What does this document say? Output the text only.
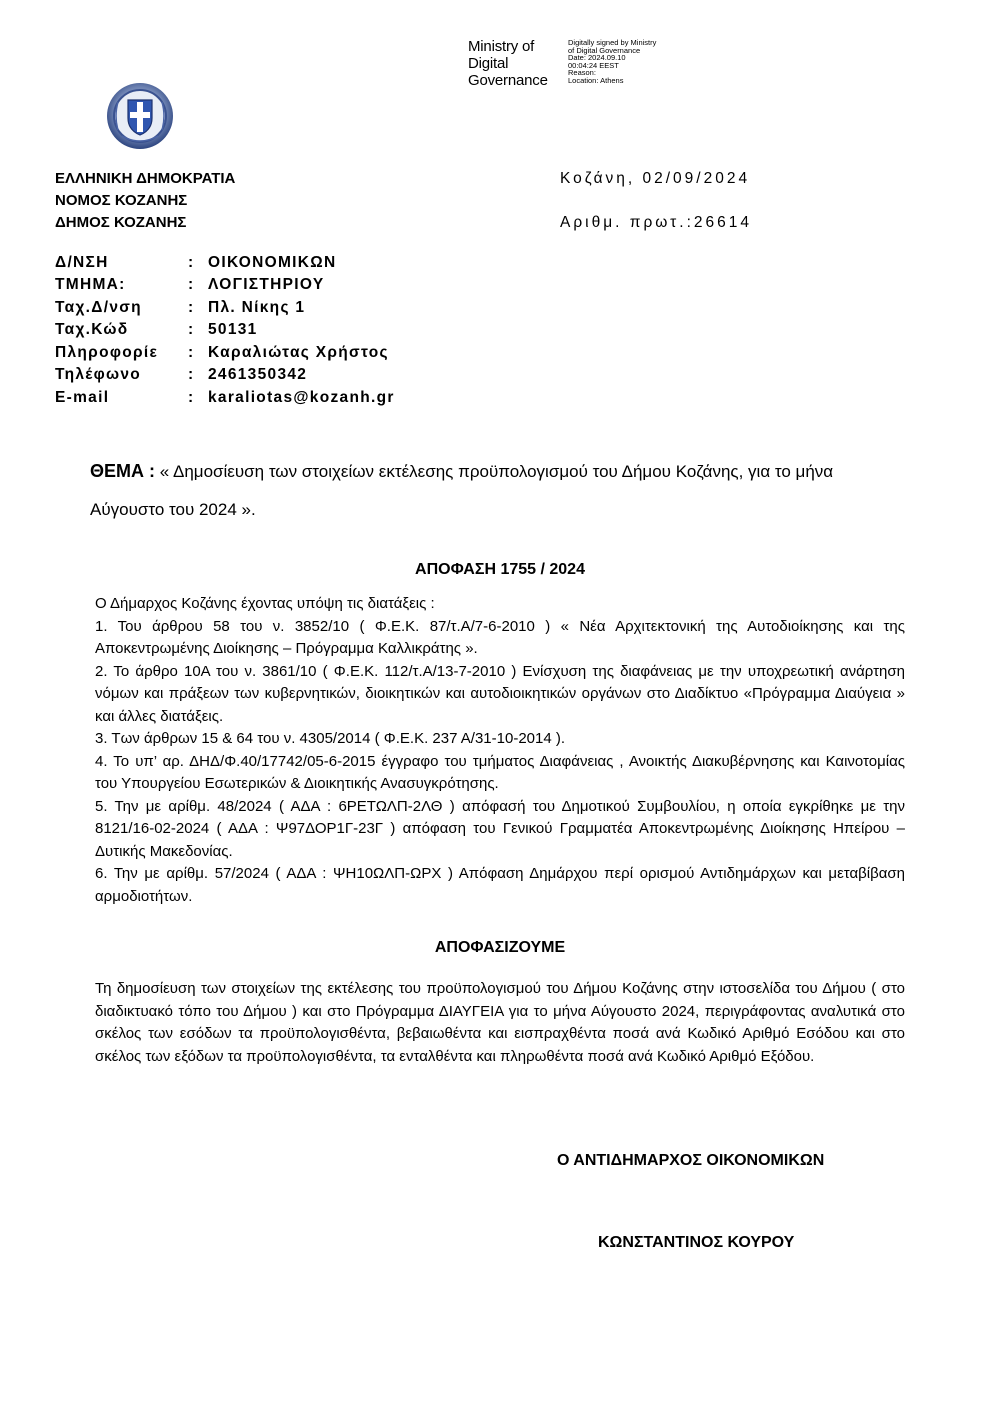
Ministry of
Digital
Governance
Digitally signed by Ministry
of Digital Governance
Date: 2024.09.10
00:04:24 EEST
Reason:
Location: Athens
ΕΛΛΗΝΙΚΗ ΔΗΜΟΚΡΑΤΙΑ
ΝΟΜΟΣ ΚΟΖΑΝΗΣ
ΔΗΜΟΣ ΚΟΖΑΝΗΣ
Κοζάνη, 02/09/2024
Αριθμ. πρωτ.:26614
Δ/ΝΣΗ	: ΟΙΚΟΝΟΜΙΚΩΝ
ΤΜΗΜΑ:	: ΛΟΓΙΣΤΗΡΙΟΥ
Ταχ.Δ/νση	: Πλ. Νίκης 1
Ταχ.Κώδ	: 50131
Πληροφορίε : Καραλιώτας Χρήστος
Τηλέφωνο	: 2461350342
E-mail	: karaliotas@kozanh.gr
ΘΕΜΑ : « Δημοσίευση των στοιχείων εκτέλεσης προϋπολογισμού του Δήμου Κοζάνης, για το μήνα Αύγουστο του 2024 ».
ΑΠΟΦΑΣΗ 1755 / 2024

Ο Δήμαρχος Κοζάνης έχοντας υπόψη τις διατάξεις :

1. Του άρθρου 58 του ν. 3852/10 ( Φ.Ε.Κ. 87/τ.Α/7-6-2010 ) « Νέα Αρχιτεκτονική της Αυτοδιοίκησης και της Αποκεντρωμένης Διοίκησης – Πρόγραμμα Καλλικράτης ».

2. Το άρθρο 10Α του ν. 3861/10 ( Φ.Ε.Κ. 112/τ.Α/13-7-2010 ) Ενίσχυση της διαφάνειας με την υποχρεωτική ανάρτηση νόμων και πράξεων των κυβερνητικών, διοικητικών και αυτοδιοικητικών οργάνων στο Διαδίκτυο «Πρόγραμμα Διαύγεια » και άλλες διατάξεις.

3. Των άρθρων 15 & 64 του ν. 4305/2014 ( Φ.Ε.Κ. 237 Α/31-10-2014 ).

4. Το υπ’ αρ. ΔΗΔ/Φ.40/17742/05-6-2015 έγγραφο του τμήματος Διαφάνειας , Ανοικτής Διακυβέρνησης και Καινοτομίας του Υπουργείου Εσωτερικών & Διοικητικής Ανασυγκρότησης.

5. Την με αρίθμ. 48/2024 ( ΑΔΑ : 6ΡΕΤΩΛΠ-2ΛΘ ) απόφασή του Δημοτικού Συμβουλίου, η οποία εγκρίθηκε με την 8121/16-02-2024 ( ΑΔΑ : Ψ97ΔΟΡ1Γ-23Γ ) απόφαση του Γενικού Γραμματέα Αποκεντρωμένης Διοίκησης Ηπείρου – Δυτικής Μακεδονίας.

6. Την με αρίθμ. 57/2024 ( ΑΔΑ : ΨΗ10ΩΛΠ-ΩΡΧ ) Απόφαση Δημάρχου περί ορισμού Αντιδημάρχων και μεταβίβαση αρμοδιοτήτων.

ΑΠΟΦΑΣΙΖΟΥΜΕ
Τη δημοσίευση των στοιχείων της εκτέλεσης του προϋπολογισμού του Δήμου Κοζάνης στην ιστοσελίδα του Δήμου ( στο διαδικτυακό τόπο του Δήμου ) και στο Πρόγραμμα ΔΙΑΥΓΕΙΑ για το μήνα Αύγουστο 2024, περιγράφοντας αναλυτικά στο σκέλος των εσόδων τα προϋπολογισθέντα, βεβαιωθέντα και εισπραχθέντα ποσά ανά Κωδικό Αριθμό Εσόδου και στο σκέλος των εξόδων τα προϋπολογισθέντα, τα ενταλθέντα και πληρωθέντα ποσά ανά Κωδικό Αριθμό Εξόδου.
Ο ΑΝΤΙΔΗΜΑΡΧΟΣ ΟΙΚΟΝΟΜΙΚΩΝ
ΚΩΝΣΤΑΝΤΙΝΟΣ ΚΟΥΡΟΥ
